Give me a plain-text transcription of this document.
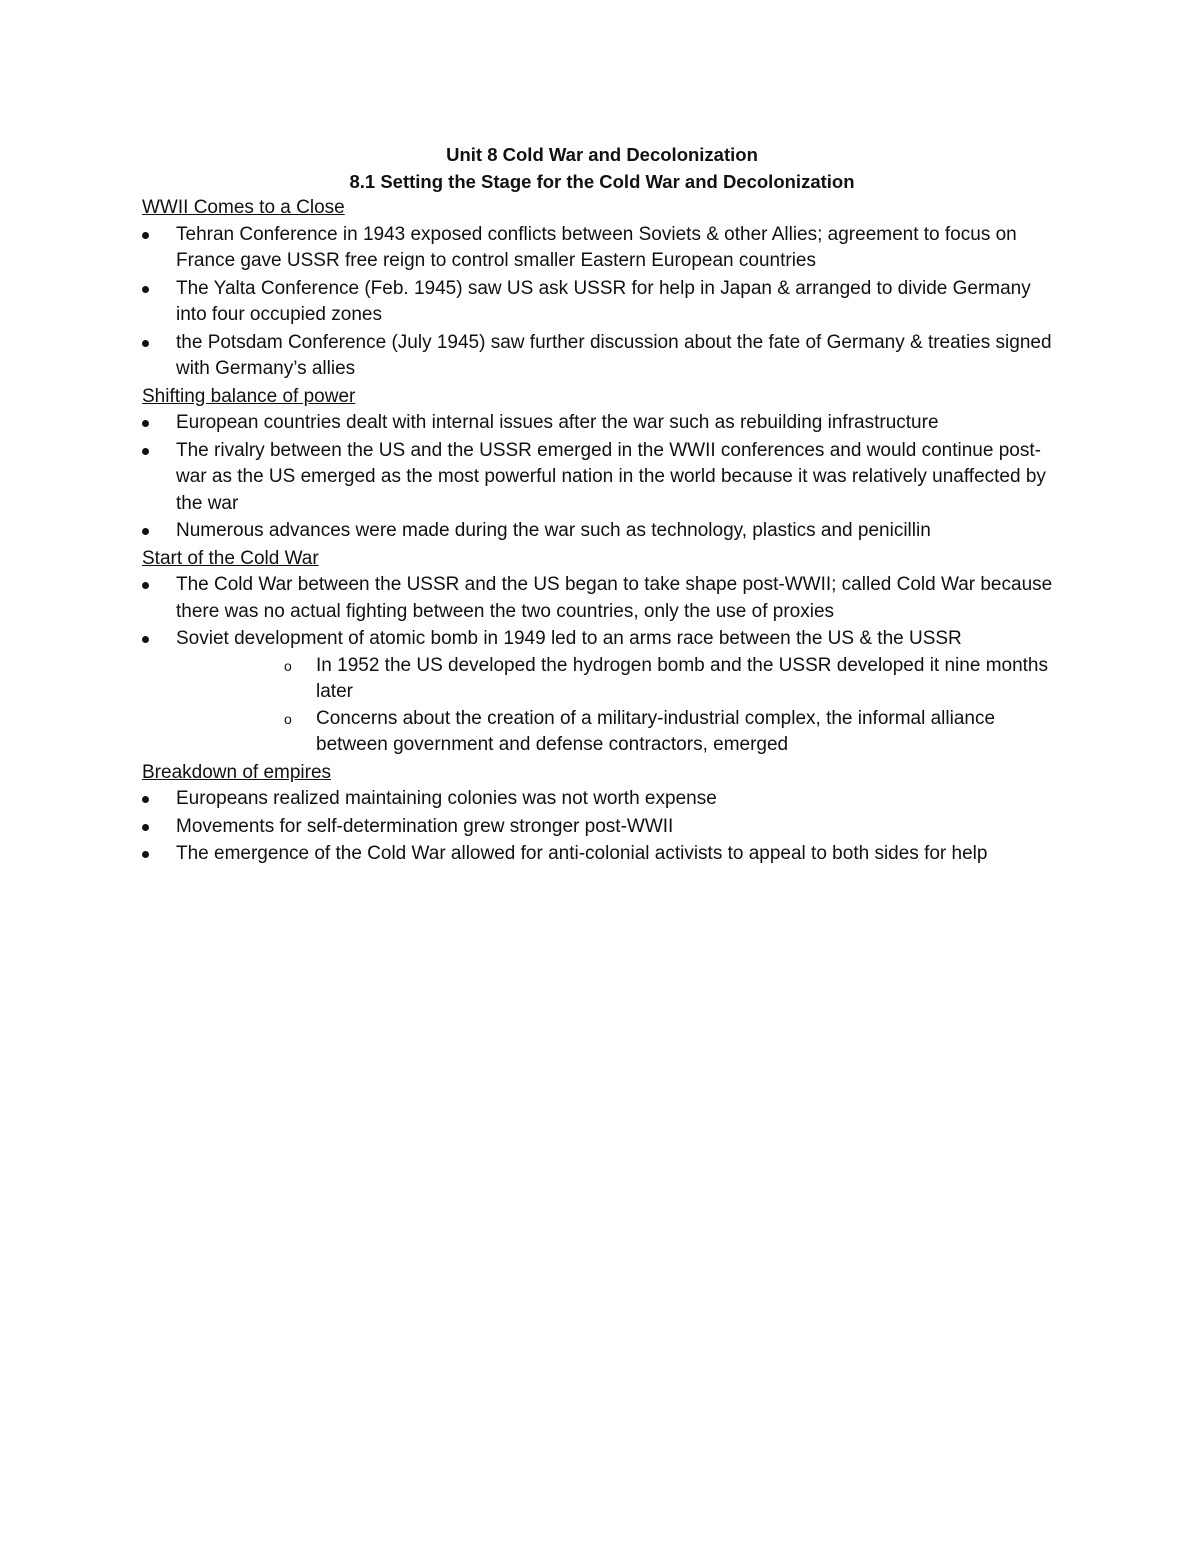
Unit 8 Cold War and Decolonization

8.1 Setting the Stage for the Cold War and Decolonization

WWII Comes to a Close

Tehran Conference in 1943 exposed conflicts between Soviets & other Allies; agreement to focus on France gave USSR free reign to control smaller Eastern European countries
The Yalta Conference (Feb. 1945) saw US ask USSR for help in Japan & arranged to divide Germany into four occupied zones
the Potsdam Conference (July 1945) saw further discussion about the fate of Germany & treaties signed with Germany’s allies

Shifting balance of power

European countries dealt with internal issues after the war such as rebuilding infrastructure
The rivalry between the US and the USSR emerged in the WWII conferences and would continue post-war as the US emerged as the most powerful nation in the world because it was relatively unaffected by the war
Numerous advances were made during the war such as technology, plastics and penicillin

Start of the Cold War

The Cold War between the USSR and the US began to take shape post-WWII; called Cold War because there was no actual fighting between the two countries, only the use of proxies
Soviet development of atomic bomb in 1949 led to an arms race between the US & the USSR
o In 1952 the US developed the hydrogen bomb and the USSR developed it nine months later
o Concerns about the creation of a military-industrial complex, the informal alliance between government and defense contractors, emerged

Breakdown of empires

Europeans realized maintaining colonies was not worth expense
Movements for self-determination grew stronger post-WWII
The emergence of the Cold War allowed for anti-colonial activists to appeal to both sides for help
